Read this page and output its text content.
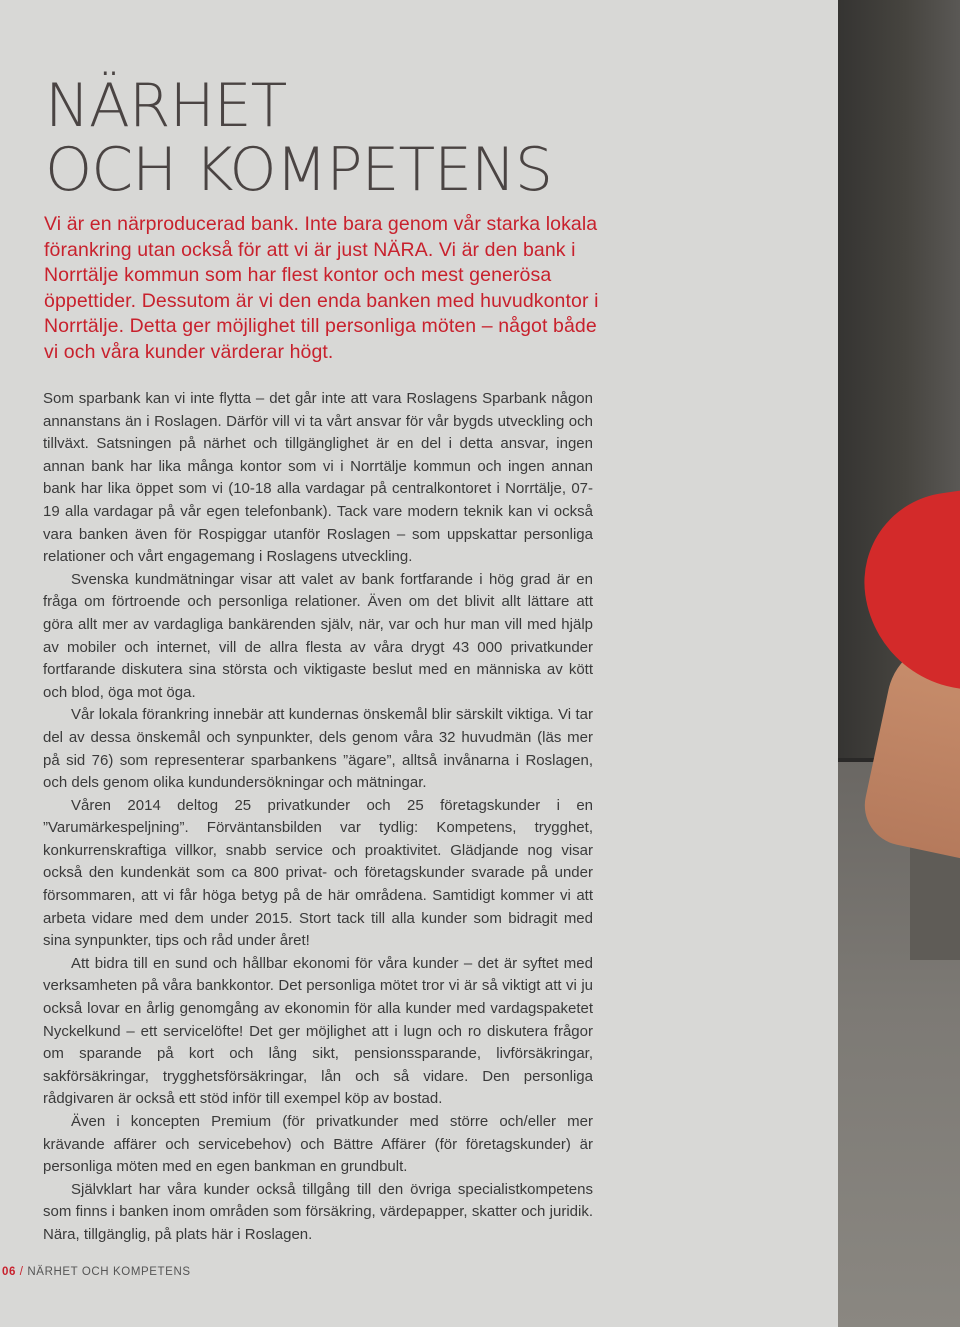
NÄRHET
OCH KOMPETENS

Vi är en närproducerad bank. Inte bara genom vår starka lokala förankring utan också för att vi är just NÄRA. Vi är den bank i Norrtälje kommun som har flest kontor och mest generösa öppettider. Dessutom är vi den enda banken med huvudkontor i Norrtälje. Detta ger möjlighet till personliga möten – något både vi och våra kunder värderar högt.

Som sparbank kan vi inte flytta – det går inte att vara Roslagens Sparbank någon annanstans än i Roslagen. Därför vill vi ta vårt ansvar för vår bygds utveckling och tillväxt. Satsningen på närhet och tillgänglighet är en del i detta ansvar, ingen annan bank har lika många kontor som vi i Norrtälje kommun och ingen annan bank har lika öppet som vi (10-18 alla vardagar på centralkontoret i Norrtälje, 07-19 alla vardagar på vår egen telefonbank). Tack vare modern teknik kan vi också vara banken även för Rospiggar utanför Roslagen – som uppskattar personliga relationer och vårt engagemang i Roslagens utveckling.

Svenska kundmätningar visar att valet av bank fortfarande i hög grad är en fråga om förtroende och personliga relationer. Även om det blivit allt lättare att göra allt mer av vardagliga bankärenden själv, när, var och hur man vill med hjälp av mobiler och internet, vill de allra flesta av våra drygt 43 000 privatkunder fortfarande diskutera sina största och viktigaste beslut med en människa av kött och blod, öga mot öga.

Vår lokala förankring innebär att kundernas önskemål blir särskilt viktiga. Vi tar del av dessa önskemål och synpunkter, dels genom våra 32 huvudmän (läs mer på sid 76) som representerar sparbankens ”ägare”, alltså invånarna i Roslagen, och dels genom olika kundundersökningar och mätningar.

Våren 2014 deltog 25 privatkunder och 25 företagskunder i en ”Varumärkespeljning”. Förväntansbilden var tydlig: Kompetens, trygghet, konkurrenskraftiga villkor, snabb service och proaktivitet. Glädjande nog visar också den kundenkät som ca 800 privat- och företagskunder svarade på under försommaren, att vi får höga betyg på de här områdena. Samtidigt kommer vi att arbeta vidare med dem under 2015. Stort tack till alla kunder som bidragit med sina synpunkter, tips och råd under året!

Att bidra till en sund och hållbar ekonomi för våra kunder – det är syftet med verksamheten på våra bankkontor. Det personliga mötet tror vi är så viktigt att vi ju också lovar en årlig genomgång av ekonomin för alla kunder med vardagspaketet Nyckelkund – ett servicelöfte! Det ger möjlighet att i lugn och ro diskutera frågor om sparande på kort och lång sikt, pensionssparande, livförsäkringar, sakförsäkringar, trygghetsförsäkringar, lån och så vidare. Den personliga rådgivaren är också ett stöd inför till exempel köp av bostad.

Även i koncepten Premium (för privatkunder med större och/eller mer krävande affärer och servicebehov) och Bättre Affärer (för företagskunder) är personliga möten med en egen bankman en grundbult.

Självklart har våra kunder också tillgång till den övriga specialistkompetens som finns i banken inom områden som försäkring, värdepapper, skatter och juridik. Nära, tillgänglig, på plats här i Roslagen.

06 / NÄRHET OCH KOMPETENS
